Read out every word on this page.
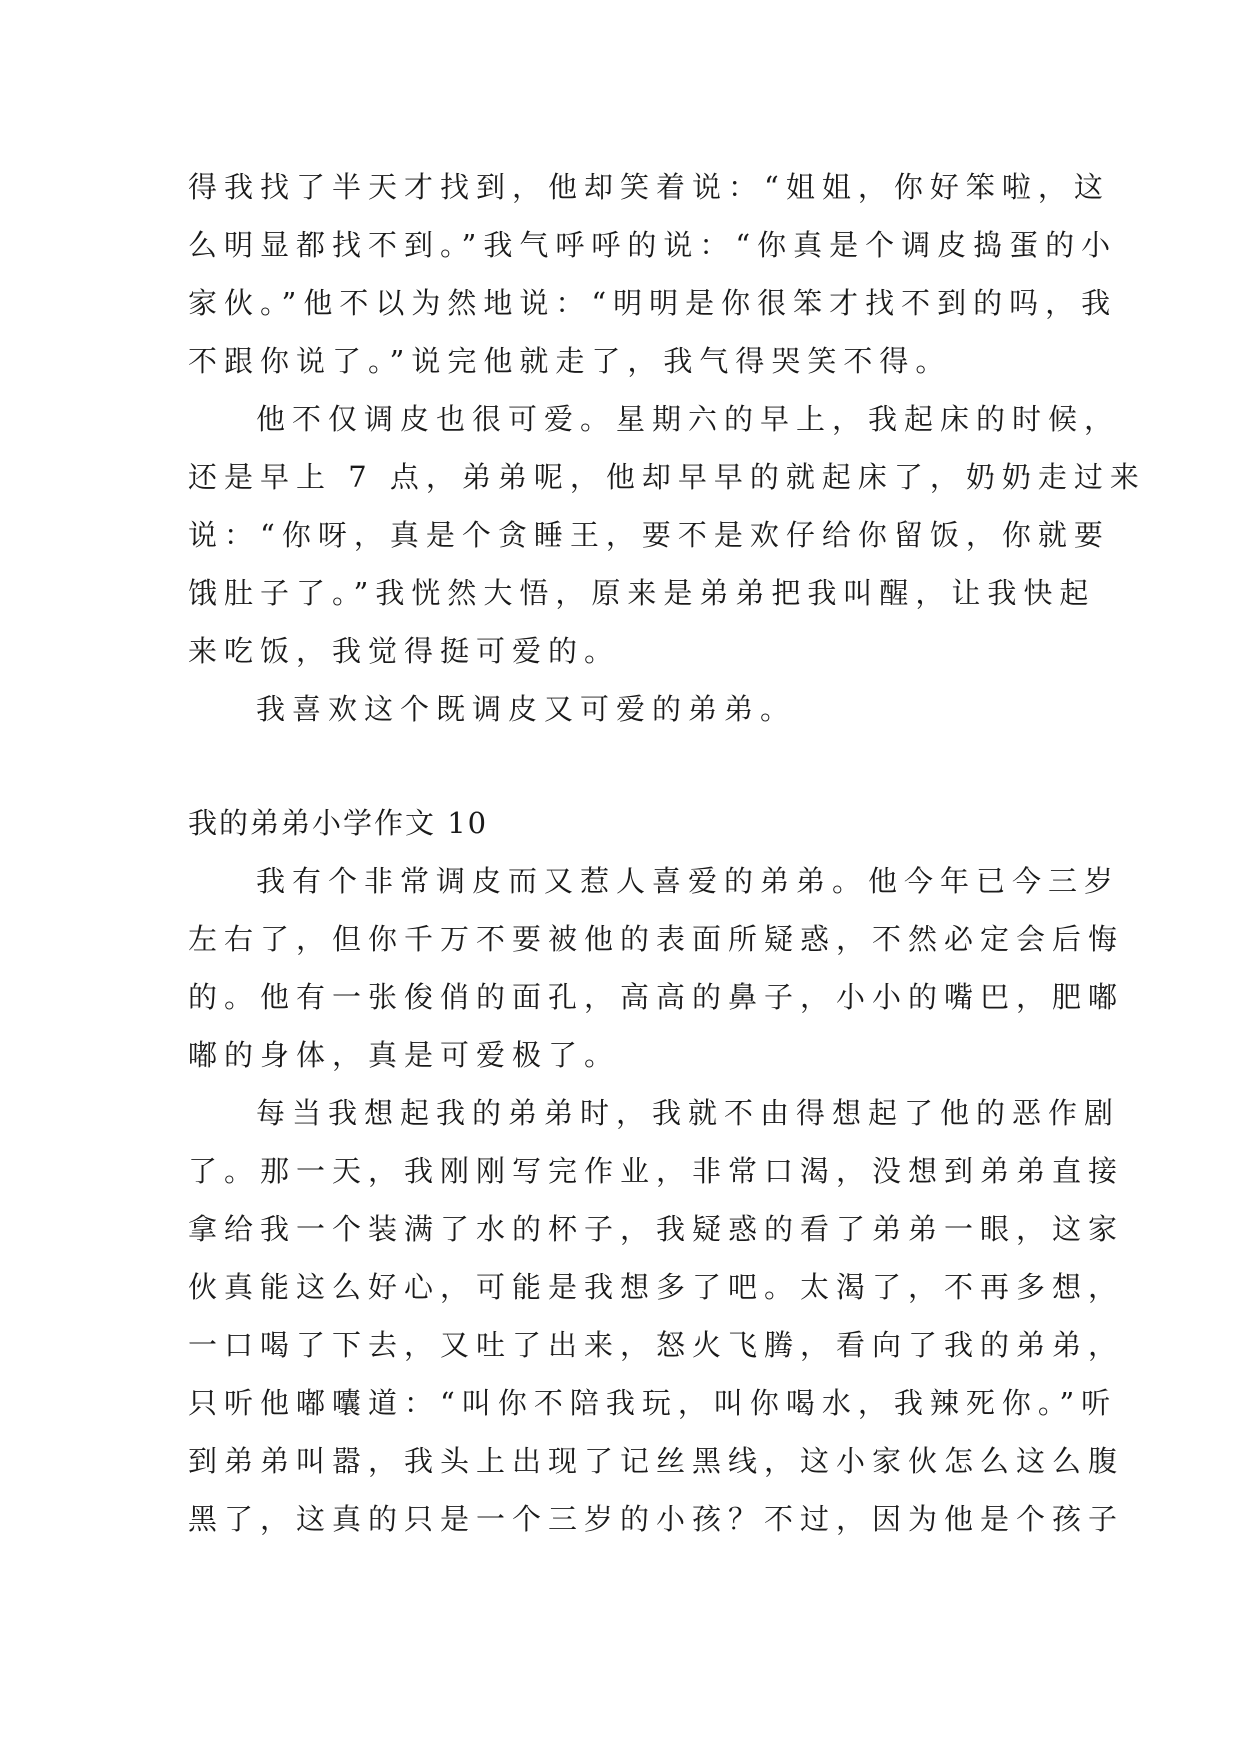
得我找了半天才找到，他却笑着说：“姐姐，你好笨啦，这
么明显都找不到。”我气呼呼的说：“你真是个调皮捣蛋的小
家伙。”他不以为然地说：“明明是你很笨才找不到的吗，我
不跟你说了。”说完他就走了，我气得哭笑不得。
他不仅调皮也很可爱。星期六的早上，我起床的时候，
还是早上 7 点，弟弟呢，他却早早的就起床了，奶奶走过来
说：“你呀，真是个贪睡王，要不是欢仔给你留饭，你就要
饿肚子了。”我恍然大悟，原来是弟弟把我叫醒，让我快起
来吃饭，我觉得挺可爱的。
我喜欢这个既调皮又可爱的弟弟。
我的弟弟小学作文 10
我有个非常调皮而又惹人喜爱的弟弟。他今年已今三岁
左右了，但你千万不要被他的表面所疑惑，不然必定会后悔
的。他有一张俊俏的面孔，高高的鼻子，小小的嘴巴，肥嘟
嘟的身体，真是可爱极了。
每当我想起我的弟弟时，我就不由得想起了他的恶作剧
了。那一天，我刚刚写完作业，非常口渴，没想到弟弟直接
拿给我一个装满了水的杯子，我疑惑的看了弟弟一眼，这家
伙真能这么好心，可能是我想多了吧。太渴了，不再多想，
一口喝了下去，又吐了出来，怒火飞腾，看向了我的弟弟，
只听他嘟囔道：“叫你不陪我玩，叫你喝水，我辣死你。”听
到弟弟叫嚣，我头上出现了记丝黑线，这小家伙怎么这么腹
黑了，这真的只是一个三岁的小孩？不过，因为他是个孩子
